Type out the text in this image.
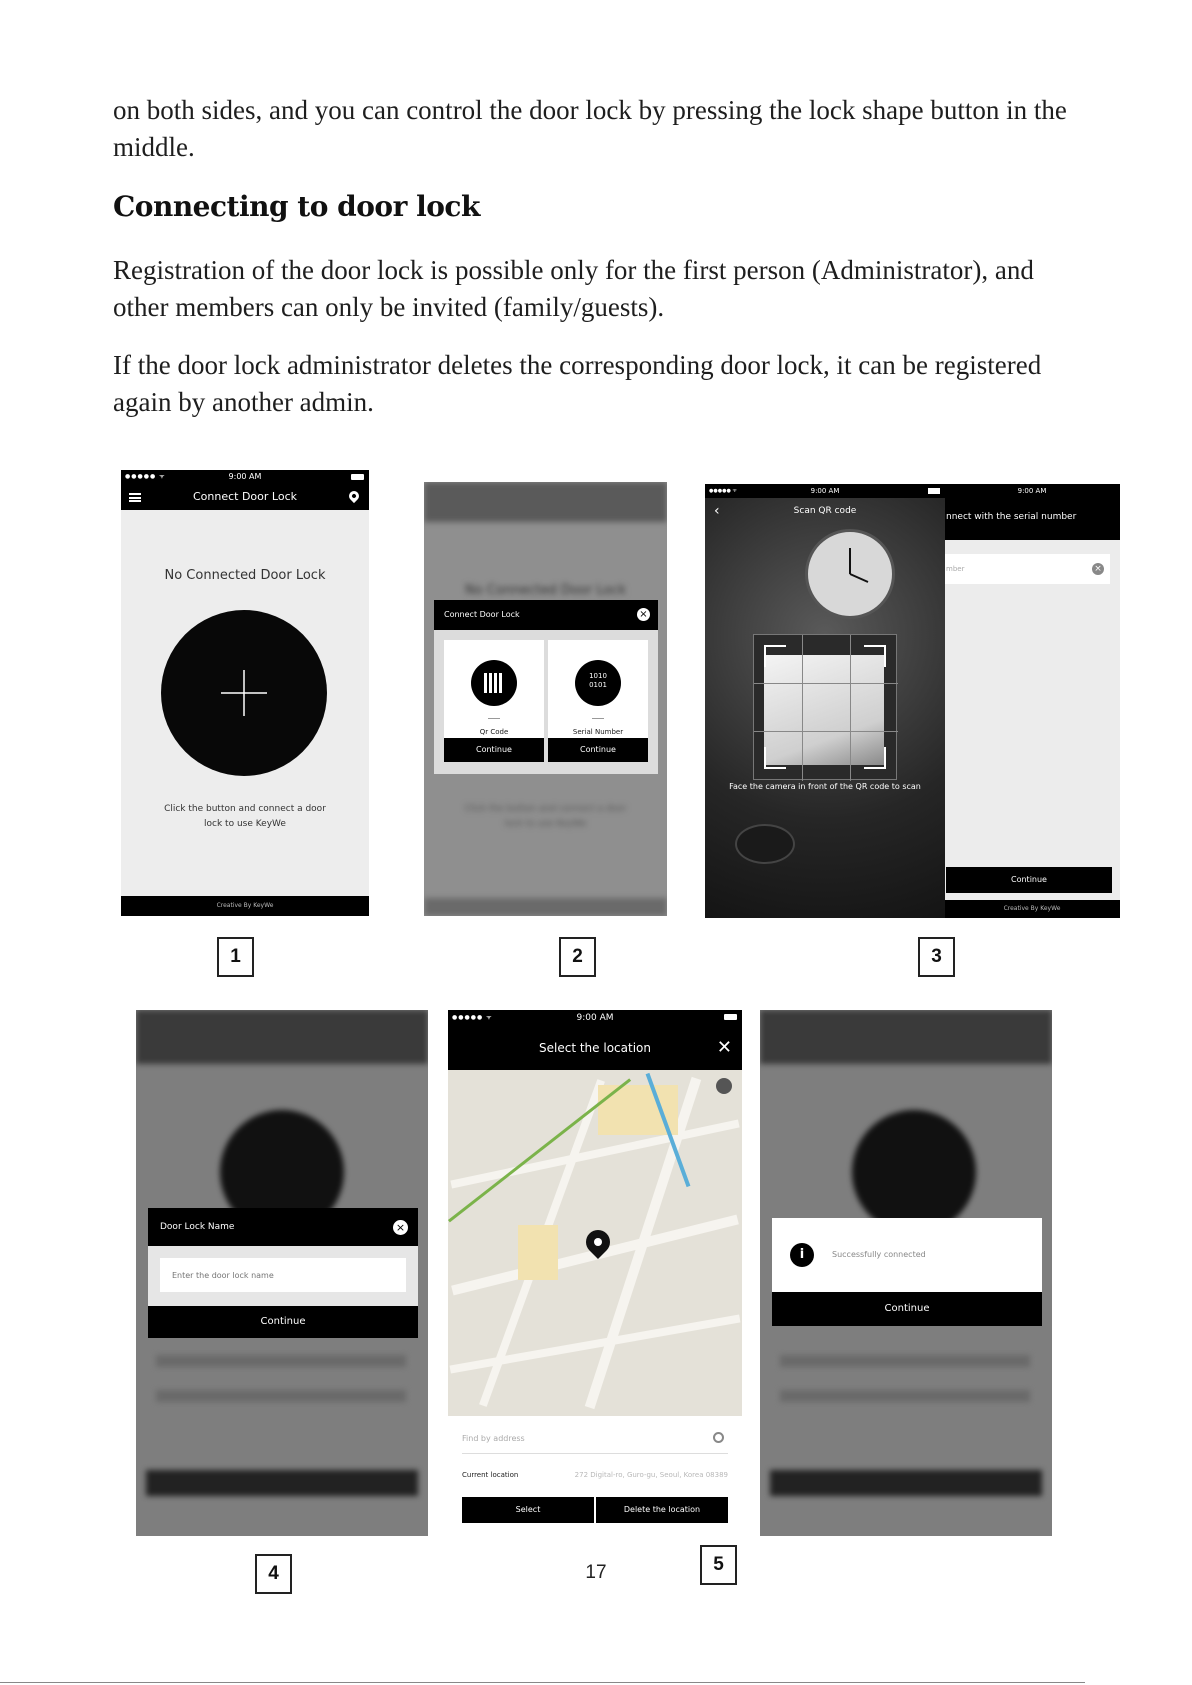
on both sides, and you can control the door lock by pressing the lock shape button in the middle.

Connecting to door lock

Registration of the door lock is possible only for the first person (Administrator), and other members can only be invited (family/guests).

If the door lock administrator deletes the corresponding door lock, it can be registered again by another admin.

●●●●● ᯤ	9:00 AM
Connect Door Lock
No Connected Door Lock
Click the button and connect a door lock to use KeyWe
Creative By KeyWe
No Connected Door Lock
Click the button and connect a door lock to use KeyWe
Connect Door Lock	×
Qr Code
1010
0101
Serial Number
Continue	Continue
9:00 AM
nnect with the serial number
mber	×
Continue
Creative By KeyWe
●●●●● ᯤ	9:00 AM
‹	Scan QR code
Face the camera in front of the QR code to scan
Door Lock Name	×
Enter the door lock name
Continue
●●●●● ᯤ	9:00 AM
Select the location	✕
Find by address
Current location	272 Digital-ro, Guro-gu, Seoul, Korea 08389
Select	Delete the location
i	Successfully connected
Continue
1	2	3
4	5
17
